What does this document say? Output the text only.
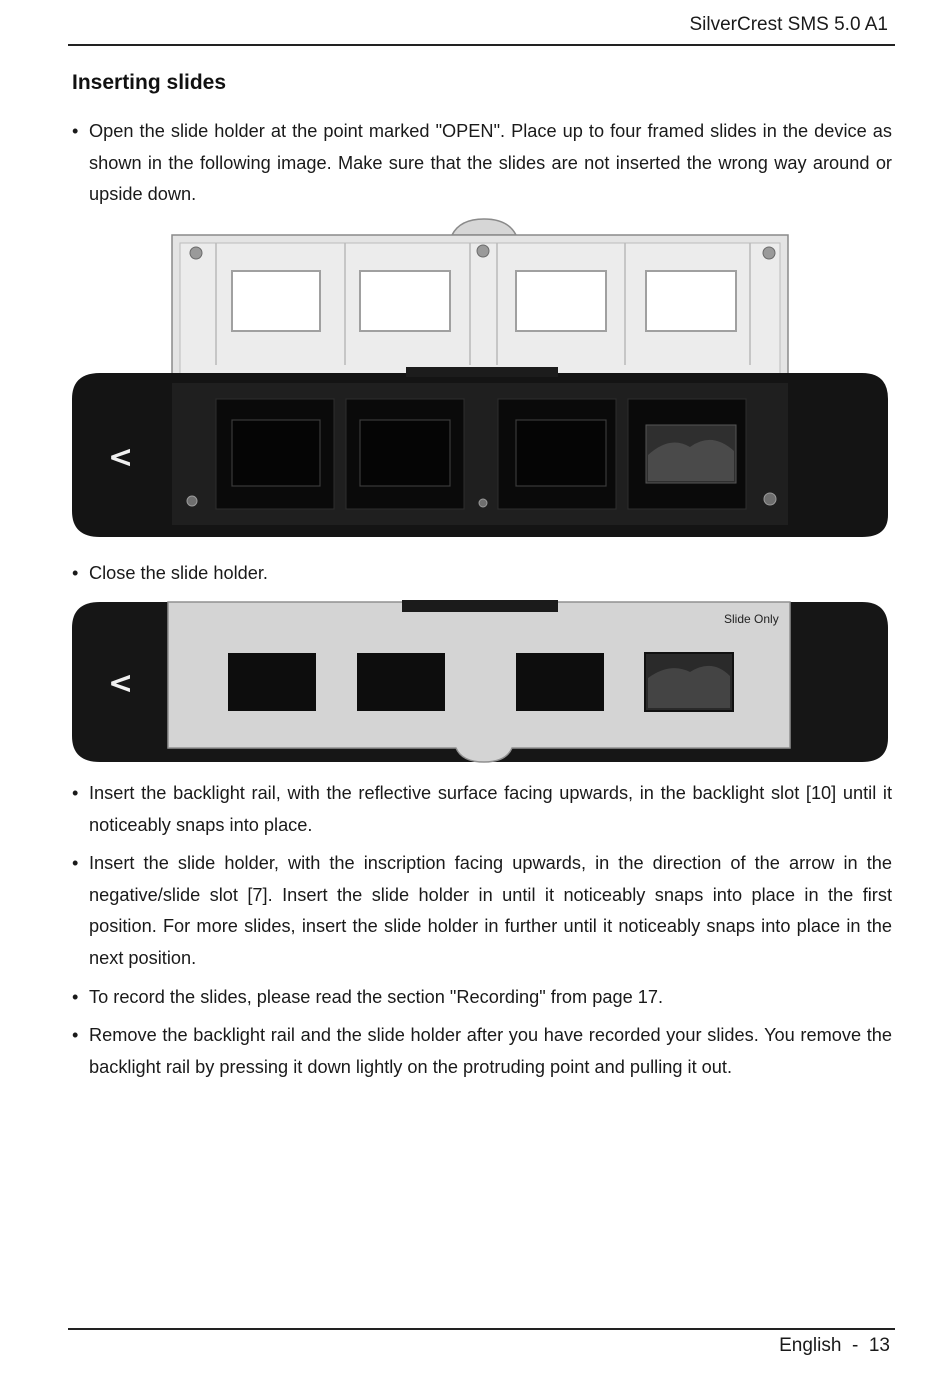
SilverCrest SMS 5.0 A1
Inserting slides
• Open the slide holder at the point marked "OPEN". Place up to four framed slides in the device as shown in the following image. Make sure that the slides are not inserted the wrong way around or upside down.
<
• Close the slide holder.
Slide Only
<
• Insert the backlight rail, with the reflective surface facing upwards, in the backlight slot [10] until it noticeably snaps into place.
• Insert the slide holder, with the inscription facing upwards, in the direction of the arrow in the negative/slide slot [7]. Insert the slide holder in until it noticeably snaps into place in the first position. For more slides, insert the slide holder in further until it noticeably snaps into place in the next position.
• To record the slides, please read the section "Recording" from page 17.
• Remove the backlight rail and the slide holder after you have recorded your slides. You remove the backlight rail by pressing it down lightly on the protruding point and pulling it out.
English  -  13
